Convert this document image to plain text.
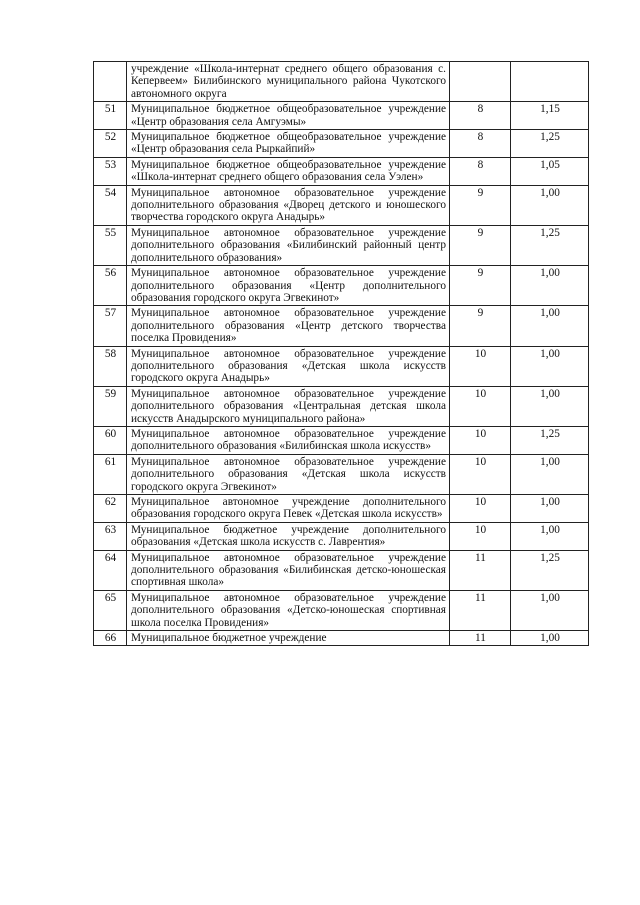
	учреждение «Школа-интернат среднего общего образования с. Кепервеем» Билибинского муниципального района Чукотского автономного округа		
51	Муниципальное бюджетное общеобразовательное учреждение «Центр образования села Амгуэмы»	8	1,15
52	Муниципальное бюджетное общеобразовательное учреждение «Центр образования села Рыркайпий»	8	1,25
53	Муниципальное бюджетное общеобразовательное учреждение «Школа-интернат среднего общего образования села Уэлен»	8	1,05
54	Муниципальное автономное образовательное учреждение дополнительного образования «Дворец детского и юношеского творчества городского округа Анадырь»	9	1,00
55	Муниципальное автономное образовательное учреждение дополнительного образования «Билибинский районный центр дополнительного образования»	9	1,25
56	Муниципальное автономное образовательное учреждение дополнительного образования «Центр дополнительного образования городского округа Эгвекинот»	9	1,00
57	Муниципальное автономное образовательное учреждение дополнительного образования «Центр детского творчества поселка Провидения»	9	1,00
58	Муниципальное автономное образовательное учреждение дополнительного образования «Детская школа искусств городского округа Анадырь»	10	1,00
59	Муниципальное автономное образовательное учреждение дополнительного образования «Центральная детская школа искусств Анадырского муниципального района»	10	1,00
60	Муниципальное автономное образовательное учреждение дополнительного образования «Билибинская школа искусств»	10	1,25
61	Муниципальное автономное образовательное учреждение дополнительного образования «Детская школа искусств городского округа Эгвекинот»	10	1,00
62	Муниципальное автономное учреждение дополнительного образования городского округа Певек «Детская школа искусств»	10	1,00
63	Муниципальное бюджетное учреждение дополнительного образования «Детская школа искусств с. Лаврентия»	10	1,00
64	Муниципальное автономное образовательное учреждение дополнительного образования «Билибинская детско-юношеская спортивная школа»	11	1,25
65	Муниципальное автономное образовательное учреждение дополнитeльного образования «Детско-юношеская спортивная школа поселка Провидения»	11	1,00
66	Муниципальное бюджетное учреждение	11	1,00
